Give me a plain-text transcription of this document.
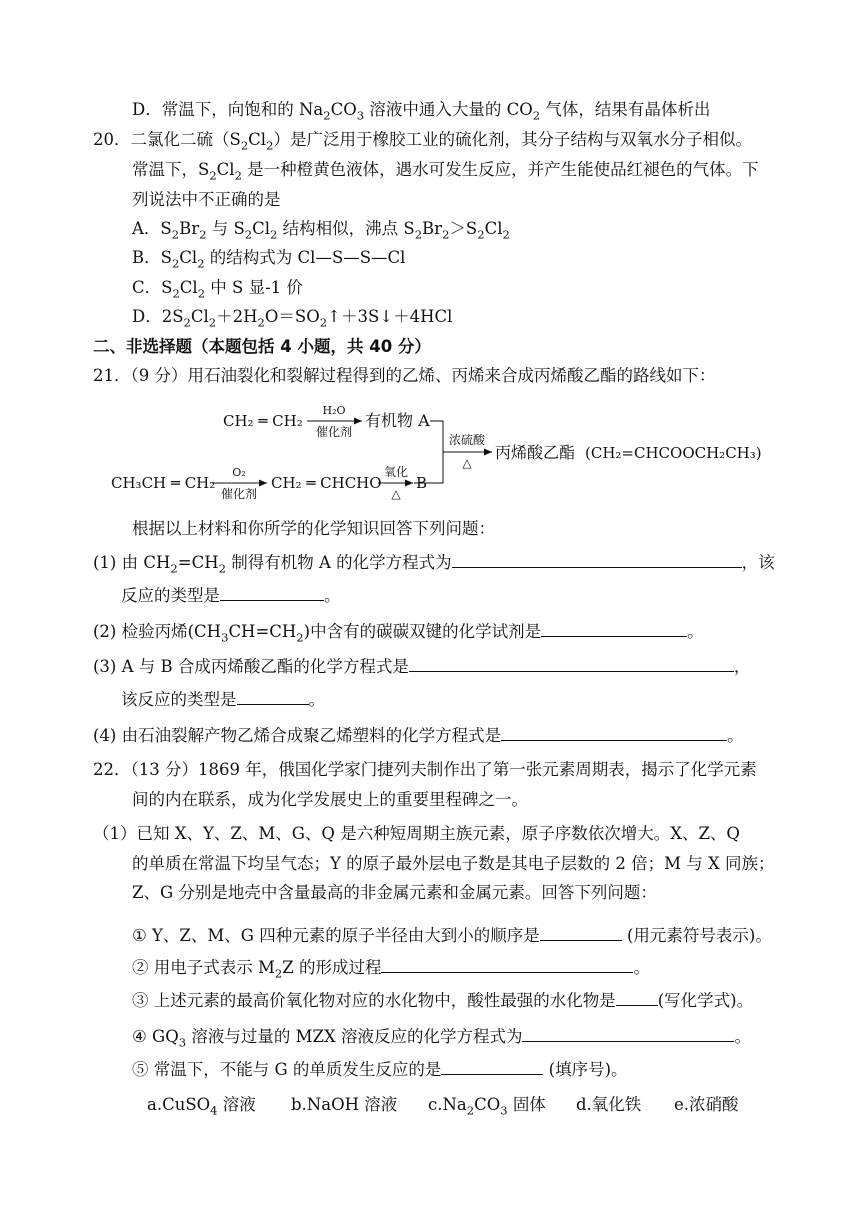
D．常温下，向饱和的 $Na_2CO_3$ 溶液中通入大量的 $CO_2$ 气体，结果有晶体析出
20．二氯化二硫$(S_2Cl_2)$是广泛用于橡胶工业的硫化剂，其分子结构与双氧水分子相似。
常温下，$S_2Cl_2$ 是一种橙黄色液体，遇水可发生反应，并产生能使品红褪色的气体。下
列说法中不正确的是
A．$S_2Br_2$ 与 $S_2Cl_2$ 结构相似，沸点 $S_2Br_2>S_2Cl_2$
B．$S_2Cl_2$ 的结构式为 Cl—S—S—Cl
C．$S_2Cl_2$ 中 S 显-1 价
D．$2S_2Cl_2+2H_2O=SO_2↑+3S↓+4HCl$
二、非选择题（本题包括 4 小题，共 40 分）
21．（9 分）用石油裂化和裂解过程得到的乙烯、丙烯来合成丙烯酸乙酯的路线如下：
CH₂ ═ CH₂
H₂O
催化剂
有机物 A
浓硫酸
△
丙烯酸乙酯 (CH₂=CHCOOCH₂CH₃)
CH₃CH ═ CH₂
O₂
催化剂
CH₂ ═ CHCHO
氧化
△
B
根据以上材料和你所学的化学知识回答下列问题：
(1) 由 $CH_2=CH_2$ 制得有机物 A 的化学方程式为	，该
反应的类型是	。
(2) 检验丙烯$(CH_3CH=CH_2)$中含有的碳碳双键的化学试剂是	。
(3) A 与 B 合成丙烯酸乙酯的化学方程式是	，
该反应的类型是	。
(4) 由石油裂解产物乙烯合成聚乙烯塑料的化学方程式是	。
22．（13 分）1869 年，俄国化学家门捷列夫制作出了第一张元素周期表，揭示了化学元素
间的内在联系，成为化学发展史上的重要里程碑之一。
（1）已知 X、Y、Z、M、G、Q 是六种短周期主族元素，原子序数依次增大。X、Z、Q
的单质在常温下均呈气态；Y 的原子最外层电子数是其电子层数的 2 倍；M 与 X 同族；
Z、G 分别是地壳中含量最高的非金属元素和金属元素。回答下列问题：
① Y、Z、M、G 四种元素的原子半径由大到小的顺序是	(用元素符号表示)。
② 用电子式表示 $M_2Z$ 的形成过程	。
③ 上述元素的最高价氧化物对应的水化物中，酸性最强的水化物是	(写化学式)。
④ $GQ_3$ 溶液与过量的 MZX 溶液反应的化学方程式为	。
⑤ 常温下，不能与 G 的单质发生反应的是	(填序号)。
a.CuSO$_4$ 溶液 b.NaOH 溶液 $c.Na_2CO_3$ 固体 d.氧化铁 e.浓硝酸
